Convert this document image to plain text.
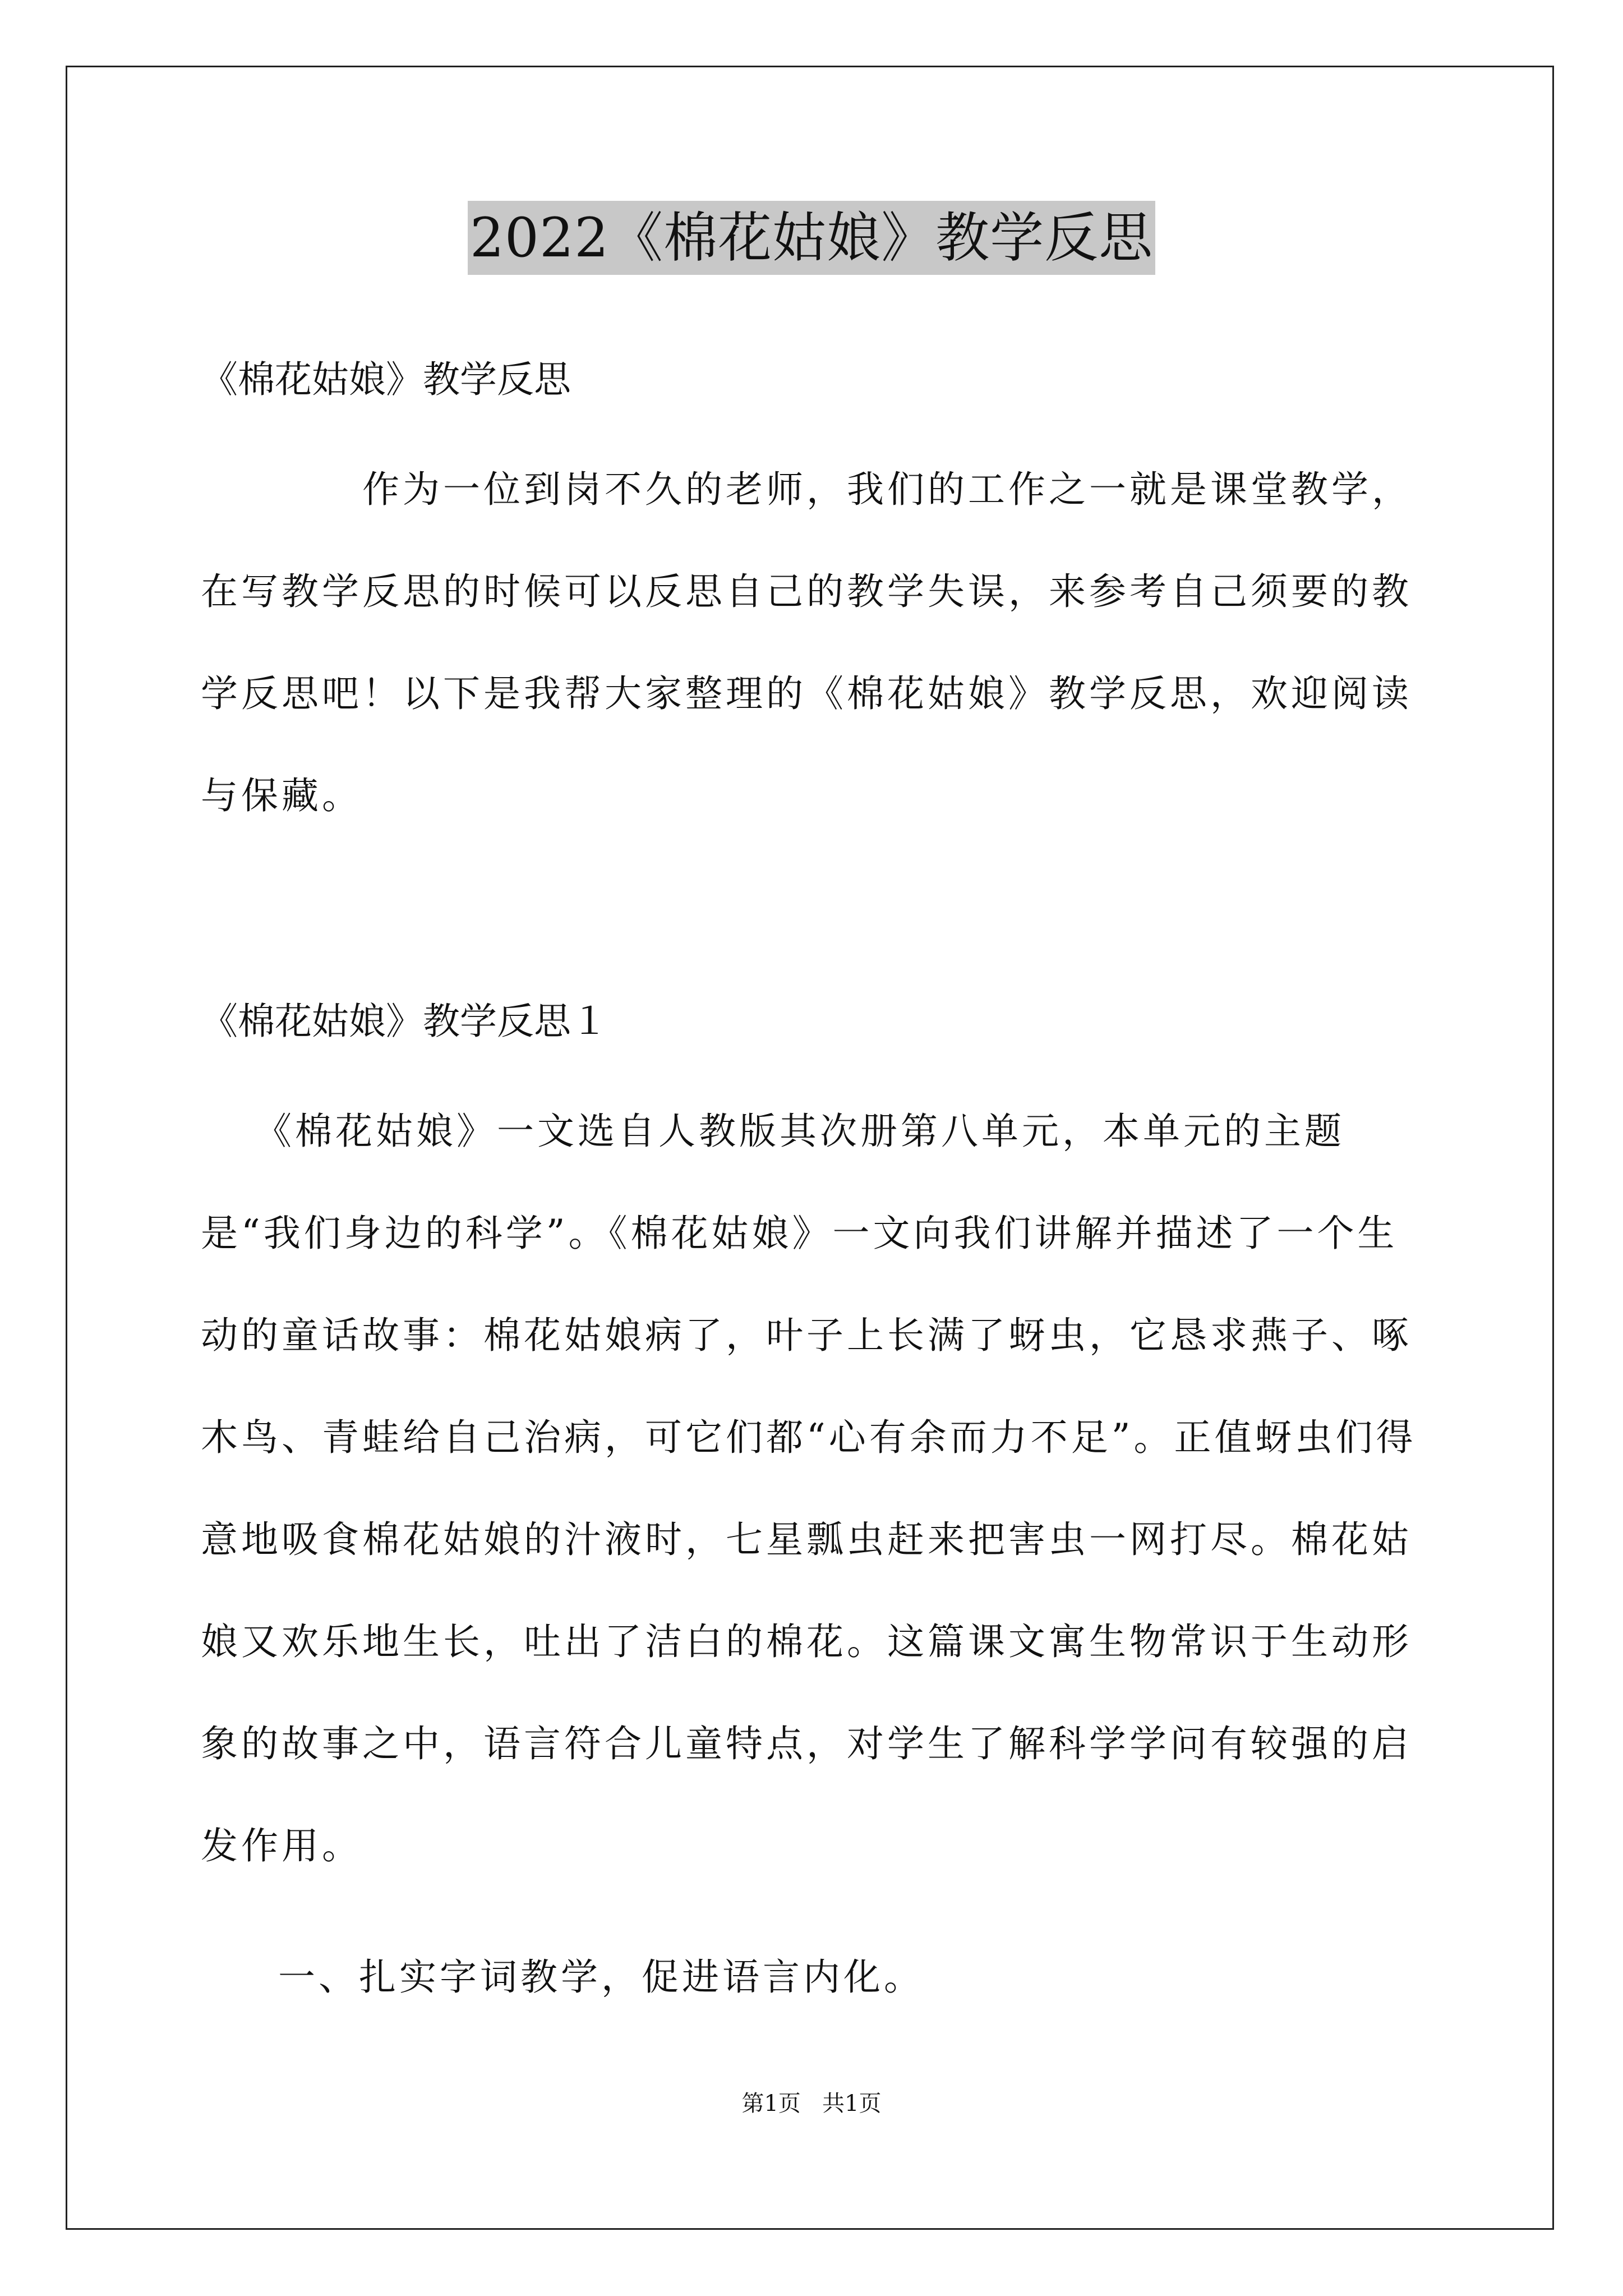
2022《棉花姑娘》教学反思
《棉花姑娘》教学反思

作为一位到岗不久的老师，我们的工作之一就是课堂教学，在写教学反思的时候可以反思自己的教学失误，来参考自己须要的教学反思吧！以下是我帮大家整理的《棉花姑娘》教学反思，欢迎阅读与保藏。

《棉花姑娘》教学反思１

《棉花姑娘》一文选自人教版其次册第八单元，本单元的主题是“我们身边的科学”。《棉花姑娘》一文向我们讲解并描述了一个生动的童话故事：棉花姑娘病了，叶子上长满了蚜虫，它恳求燕子、啄木鸟、青蛙给自己治病，可它们都“心有余而力不足”。正值蚜虫们得意地吸食棉花姑娘的汁液时，七星瓢虫赶来把害虫一网打尽。棉花姑娘又欢乐地生长，吐出了洁白的棉花。这篇课文寓生物常识于生动形象的故事之中，语言符合儿童特点，对学生了解科学学问有较强的启发作用。

一、扎实字词教学，促进语言内化。
第1页   共1页
